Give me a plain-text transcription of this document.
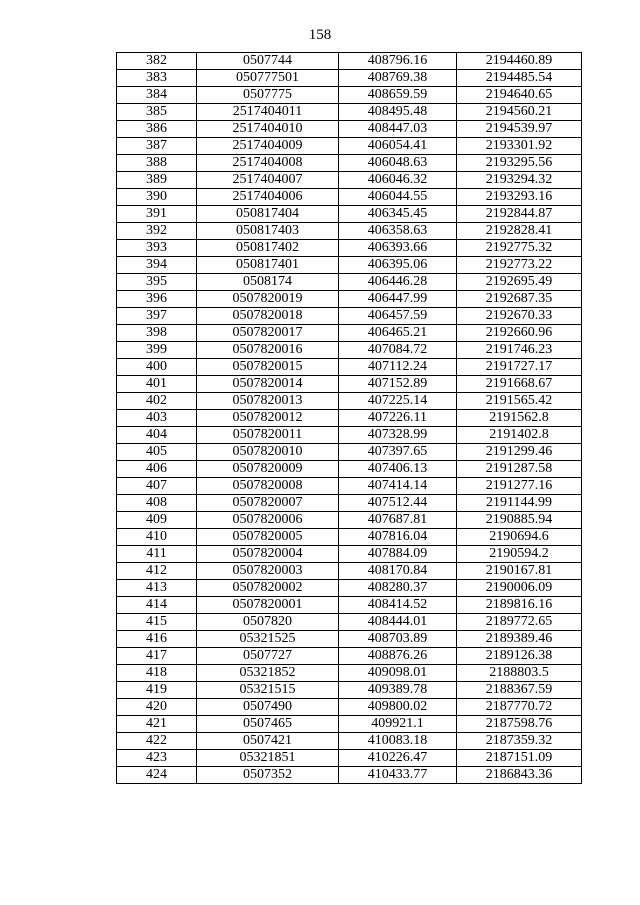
158
382	0507744	408796.16	2194460.89
383	050777501	408769.38	2194485.54
384	0507775	408659.59	2194640.65
385	2517404011	408495.48	2194560.21
386	2517404010	408447.03	2194539.97
387	2517404009	406054.41	2193301.92
388	2517404008	406048.63	2193295.56
389	2517404007	406046.32	2193294.32
390	2517404006	406044.55	2193293.16
391	050817404	406345.45	2192844.87
392	050817403	406358.63	2192828.41
393	050817402	406393.66	2192775.32
394	050817401	406395.06	2192773.22
395	0508174	406446.28	2192695.49
396	0507820019	406447.99	2192687.35
397	0507820018	406457.59	2192670.33
398	0507820017	406465.21	2192660.96
399	0507820016	407084.72	2191746.23
400	0507820015	407112.24	2191727.17
401	0507820014	407152.89	2191668.67
402	0507820013	407225.14	2191565.42
403	0507820012	407226.11	2191562.8
404	0507820011	407328.99	2191402.8
405	0507820010	407397.65	2191299.46
406	0507820009	407406.13	2191287.58
407	0507820008	407414.14	2191277.16
408	0507820007	407512.44	2191144.99
409	0507820006	407687.81	2190885.94
410	0507820005	407816.04	2190694.6
411	0507820004	407884.09	2190594.2
412	0507820003	408170.84	2190167.81
413	0507820002	408280.37	2190006.09
414	0507820001	408414.52	2189816.16
415	0507820	408444.01	2189772.65
416	05321525	408703.89	2189389.46
417	0507727	408876.26	2189126.38
418	05321852	409098.01	2188803.5
419	05321515	409389.78	2188367.59
420	0507490	409800.02	2187770.72
421	0507465	409921.1	2187598.76
422	0507421	410083.18	2187359.32
423	05321851	410226.47	2187151.09
424	0507352	410433.77	2186843.36
